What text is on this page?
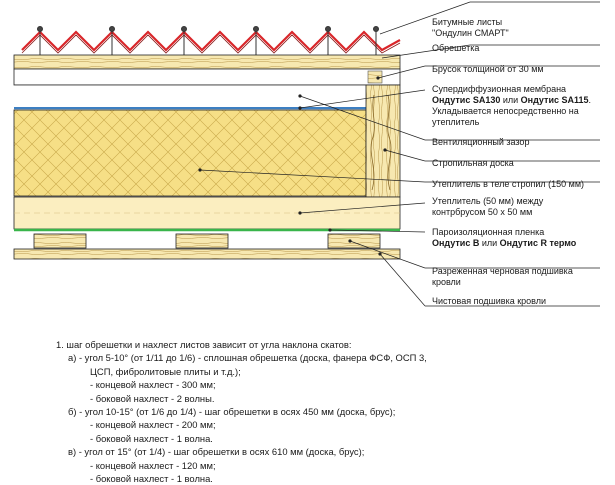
Битумные листы
"Ондулин СМАРТ"
Обрешетка
Брусок толщиной от 30 мм
Супердиффузионная мембрана
Ондутис SA130 или Ондутис SA115.
Укладывается непосредственно на
утеплитель
Вентиляционный зазор
Стропильная доска
Утеплитель в теле стропил (150 мм)
Утеплитель (50 мм) между
контрбрусом 50 х 50 мм
Пароизоляционная пленка
Ондутис В или Ондутис R термо
Разреженная черновая подшивка
кровли
Чистовая подшивка кровли
1. шаг обрешетки и нахлест листов зависит от угла наклона скатов:
а) - угол 5-10° (от 1/11 до 1/6) - сплошная обрешетка (доска, фанера ФСФ, ОСП 3,
ЦСП, фибролитовые плиты и т.д.);
- концевой нахлест - 300 мм;
- боковой нахлест - 2 волны.
б) - угол 10-15° (от 1/6 до 1/4) - шаг обрешетки в осях 450 мм (доска, брус);
- концевой нахлест - 200 мм;
- боковой нахлест - 1 волна.
в) - угол от 15° (от 1/4) - шаг обрешетки в осях 610 мм (доска, брус);
- концевой нахлест - 120 мм;
- боковой нахлест - 1 волна.
